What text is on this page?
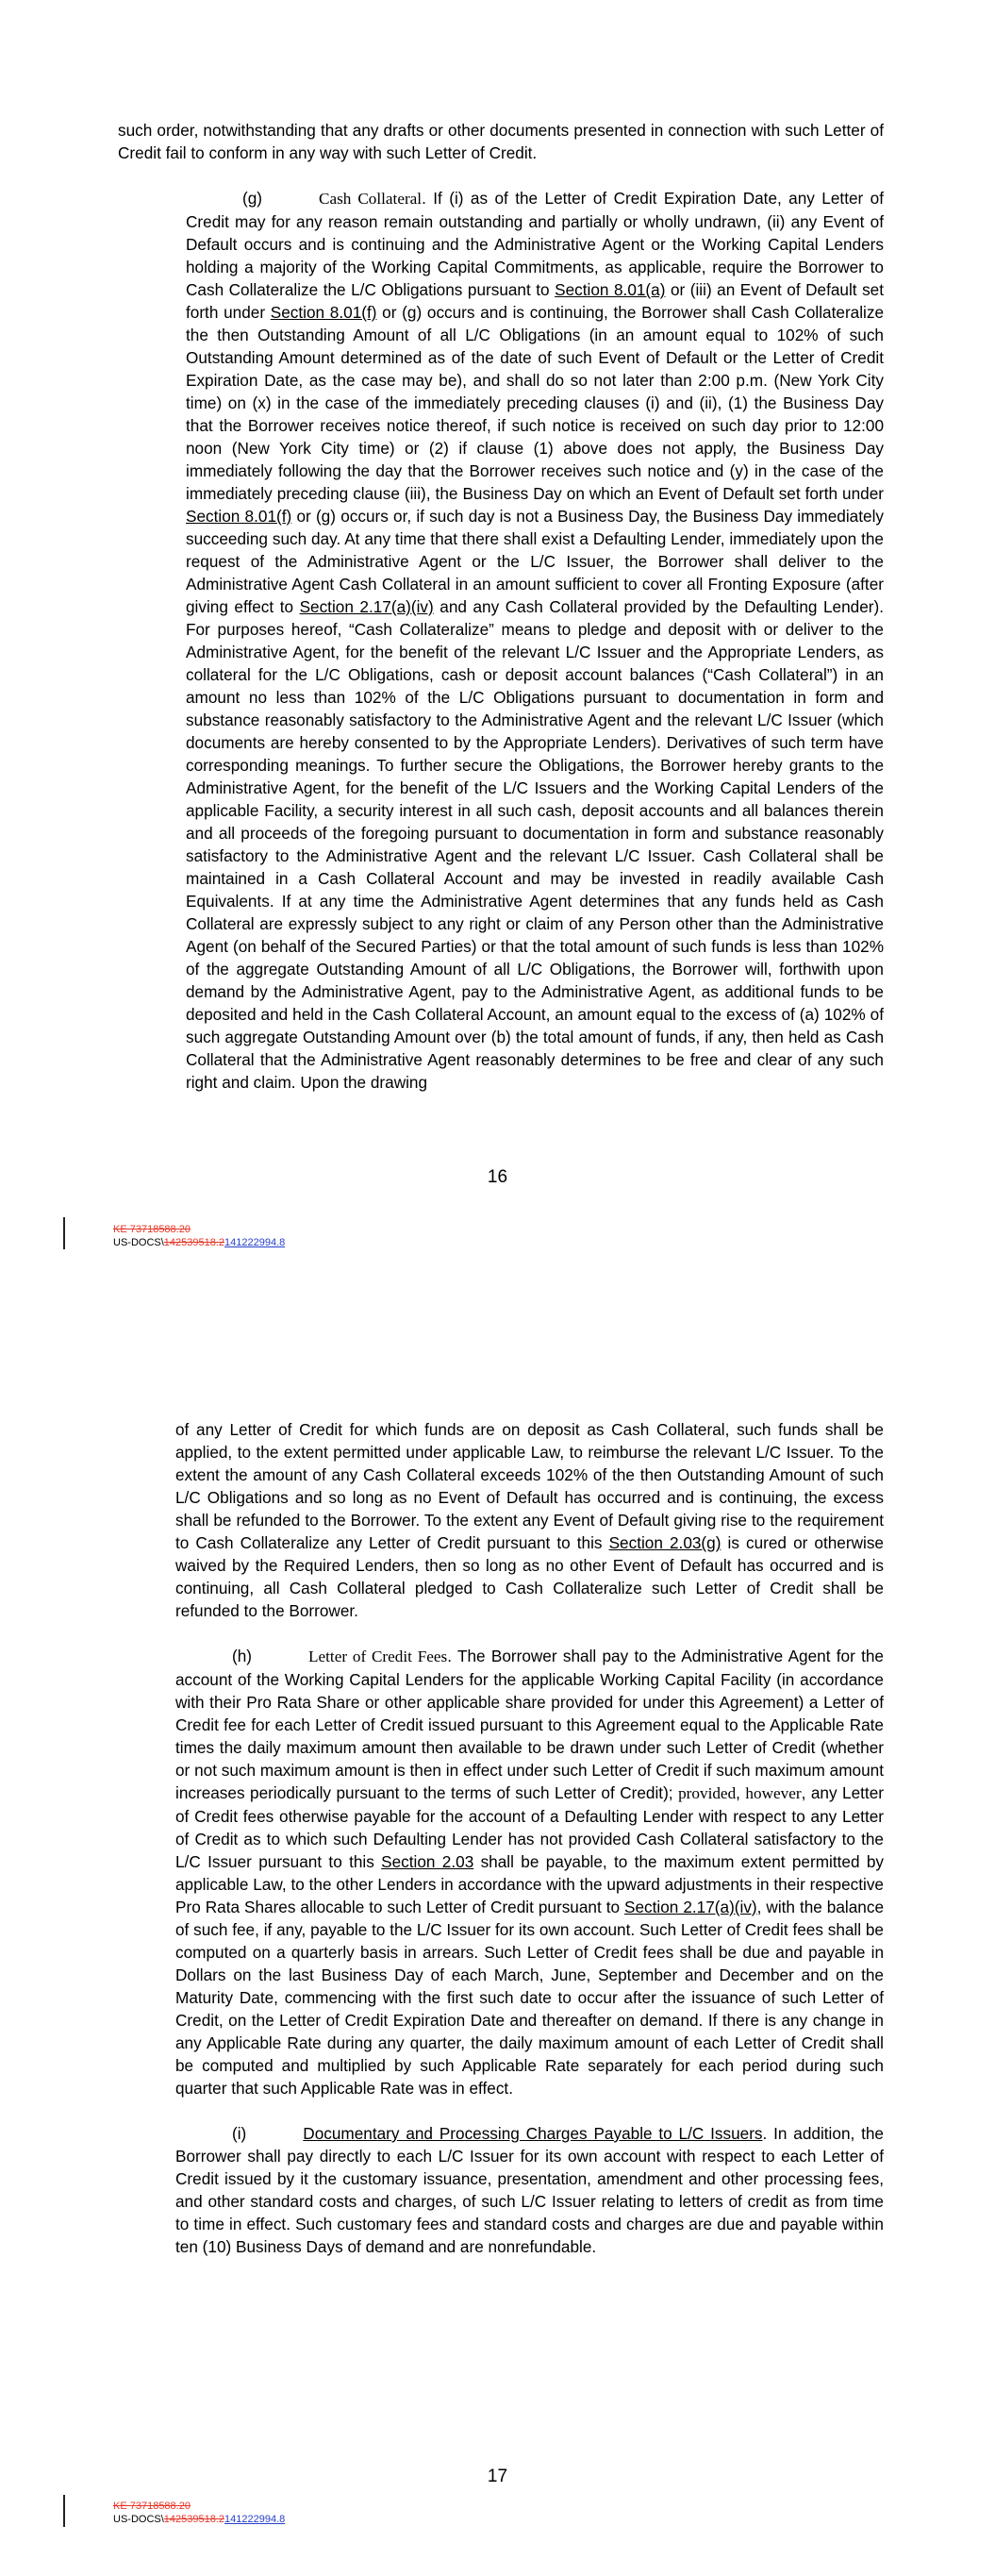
such order, notwithstanding that any drafts or other documents presented in connection with such Letter of Credit fail to conform in any way with such Letter of Credit.

(g)	Cash Collateral. If (i) as of the Letter of Credit Expiration Date, any Letter of Credit may for any reason remain outstanding and partially or wholly undrawn, (ii) any Event of Default occurs and is continuing and the Administrative Agent or the Working Capital Lenders holding a majority of the Working Capital Commitments, as applicable, require the Borrower to Cash Collateralize the L/C Obligations pursuant to Section 8.01(a) or (iii) an Event of Default set forth under Section 8.01(f) or (g) occurs and is continuing, the Borrower shall Cash Collateralize the then Outstanding Amount of all L/C Obligations (in an amount equal to 102% of such Outstanding Amount determined as of the date of such Event of Default or the Letter of Credit Expiration Date, as the case may be), and shall do so not later than 2:00 p.m. (New York City time) on (x) in the case of the immediately preceding clauses (i) and (ii), (1) the Business Day that the Borrower receives notice thereof, if such notice is received on such day prior to 12:00 noon (New York City time) or (2) if clause (1) above does not apply, the Business Day immediately following the day that the Borrower receives such notice and (y) in the case of the immediately preceding clause (iii), the Business Day on which an Event of Default set forth under Section 8.01(f) or (g) occurs or, if such day is not a Business Day, the Business Day immediately succeeding such day. At any time that there shall exist a Defaulting Lender, immediately upon the request of the Administrative Agent or the L/C Issuer, the Borrower shall deliver to the Administrative Agent Cash Collateral in an amount sufficient to cover all Fronting Exposure (after giving effect to Section 2.17(a)(iv) and any Cash Collateral provided by the Defaulting Lender). For purposes hereof, “Cash Collateralize” means to pledge and deposit with or deliver to the Administrative Agent, for the benefit of the relevant L/C Issuer and the Appropriate Lenders, as collateral for the L/C Obligations, cash or deposit account balances (“Cash Collateral”) in an amount no less than 102% of the L/C Obligations pursuant to documentation in form and substance reasonably satisfactory to the Administrative Agent and the relevant L/C Issuer (which documents are hereby consented to by the Appropriate Lenders). Derivatives of such term have corresponding meanings. To further secure the Obligations, the Borrower hereby grants to the Administrative Agent, for the benefit of the L/C Issuers and the Working Capital Lenders of the applicable Facility, a security interest in all such cash, deposit accounts and all balances therein and all proceeds of the foregoing pursuant to documentation in form and substance reasonably satisfactory to the Administrative Agent and the relevant L/C Issuer. Cash Collateral shall be maintained in a Cash Collateral Account and may be invested in readily available Cash Equivalents. If at any time the Administrative Agent determines that any funds held as Cash Collateral are expressly subject to any right or claim of any Person other than the Administrative Agent (on behalf of the Secured Parties) or that the total amount of such funds is less than 102% of the aggregate Outstanding Amount of all L/C Obligations, the Borrower will, forthwith upon demand by the Administrative Agent, pay to the Administrative Agent, as additional funds to be deposited and held in the Cash Collateral Account, an amount equal to the excess of (a) 102% of such aggregate Outstanding Amount over (b) the total amount of funds, if any, then held as Cash Collateral that the Administrative Agent reasonably determines to be free and clear of any such right and claim. Upon the drawing

16
KE 73718588.20
US-DOCS\142539518.2141222994.8

of any Letter of Credit for which funds are on deposit as Cash Collateral, such funds shall be applied, to the extent permitted under applicable Law, to reimburse the relevant L/C Issuer. To the extent the amount of any Cash Collateral exceeds 102% of the then Outstanding Amount of such L/C Obligations and so long as no Event of Default has occurred and is continuing, the excess shall be refunded to the Borrower. To the extent any Event of Default giving rise to the requirement to Cash Collateralize any Letter of Credit pursuant to this Section 2.03(g) is cured or otherwise waived by the Required Lenders, then so long as no other Event of Default has occurred and is continuing, all Cash Collateral pledged to Cash Collateralize such Letter of Credit shall be refunded to the Borrower.

(h)	Letter of Credit Fees. The Borrower shall pay to the Administrative Agent for the account of the Working Capital Lenders for the applicable Working Capital Facility (in accordance with their Pro Rata Share or other applicable share provided for under this Agreement) a Letter of Credit fee for each Letter of Credit issued pursuant to this Agreement equal to the Applicable Rate times the daily maximum amount then available to be drawn under such Letter of Credit (whether or not such maximum amount is then in effect under such Letter of Credit if such maximum amount increases periodically pursuant to the terms of such Letter of Credit); provided, however, any Letter of Credit fees otherwise payable for the account of a Defaulting Lender with respect to any Letter of Credit as to which such Defaulting Lender has not provided Cash Collateral satisfactory to the L/C Issuer pursuant to this Section 2.03 shall be payable, to the maximum extent permitted by applicable Law, to the other Lenders in accordance with the upward adjustments in their respective Pro Rata Shares allocable to such Letter of Credit pursuant to Section 2.17(a)(iv), with the balance of such fee, if any, payable to the L/C Issuer for its own account. Such Letter of Credit fees shall be computed on a quarterly basis in arrears. Such Letter of Credit fees shall be due and payable in Dollars on the last Business Day of each March, June, September and December and on the Maturity Date, commencing with the first such date to occur after the issuance of such Letter of Credit, on the Letter of Credit Expiration Date and thereafter on demand. If there is any change in any Applicable Rate during any quarter, the daily maximum amount of each Letter of Credit shall be computed and multiplied by such Applicable Rate separately for each period during such quarter that such Applicable Rate was in effect.

(i)	Documentary and Processing Charges Payable to L/C Issuers. In addition, the Borrower shall pay directly to each L/C Issuer for its own account with respect to each Letter of Credit issued by it the customary issuance, presentation, amendment and other processing fees, and other standard costs and charges, of such L/C Issuer relating to letters of credit as from time to time in effect. Such customary fees and standard costs and charges are due and payable within ten (10) Business Days of demand and are nonrefundable.

17
KE 73718588.20
US-DOCS\142539518.2141222994.8
